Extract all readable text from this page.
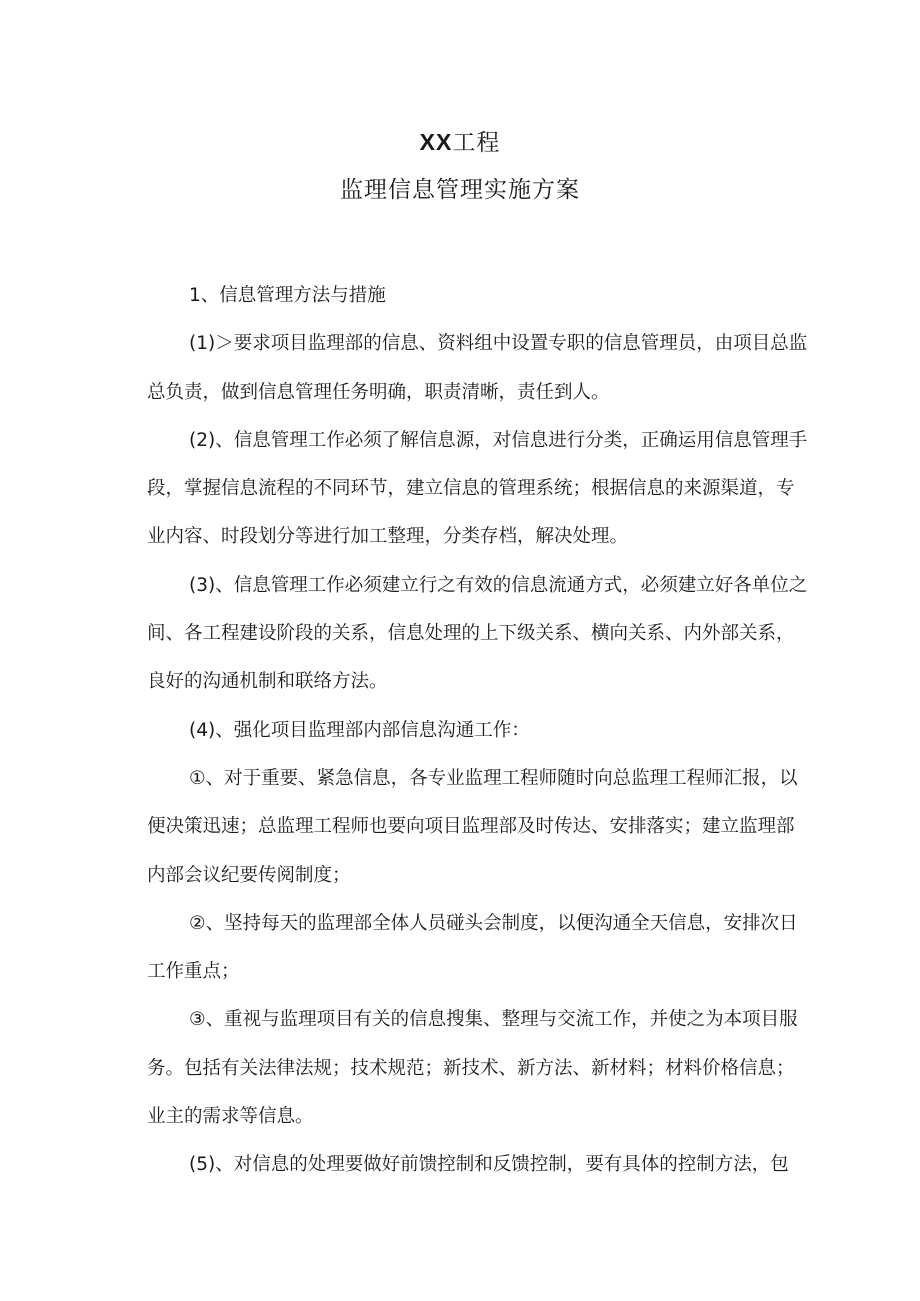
XX工程
监理信息管理实施方案
1、信息管理方法与措施
(1)＞要求项目监理部的信息、资料组中设置专职的信息管理员，由项目总监
总负责，做到信息管理任务明确，职责清晰，责任到人。
(2)、信息管理工作必须了解信息源，对信息进行分类，正确运用信息管理手
段，掌握信息流程的不同环节，建立信息的管理系统；根据信息的来源渠道，专
业内容、时段划分等进行加工整理，分类存档，解决处理。
(3)、信息管理工作必须建立行之有效的信息流通方式，必须建立好各单位之
间、各工程建设阶段的关系，信息处理的上下级关系、横向关系、内外部关系，
良好的沟通机制和联络方法。
(4)、强化项目监理部内部信息沟通工作：
①、对于重要、紧急信息，各专业监理工程师随时向总监理工程师汇报，以
便决策迅速；总监理工程师也要向项目监理部及时传达、安排落实；建立监理部
内部会议纪要传阅制度；
②、坚持每天的监理部全体人员碰头会制度，以便沟通全天信息，安排次日
工作重点；
③、重视与监理项目有关的信息搜集、整理与交流工作，并使之为本项目服
务。包括有关法律法规；技术规范；新技术、新方法、新材料；材料价格信息；
业主的需求等信息。
(5)、对信息的处理要做好前馈控制和反馈控制，要有具体的控制方法，包
